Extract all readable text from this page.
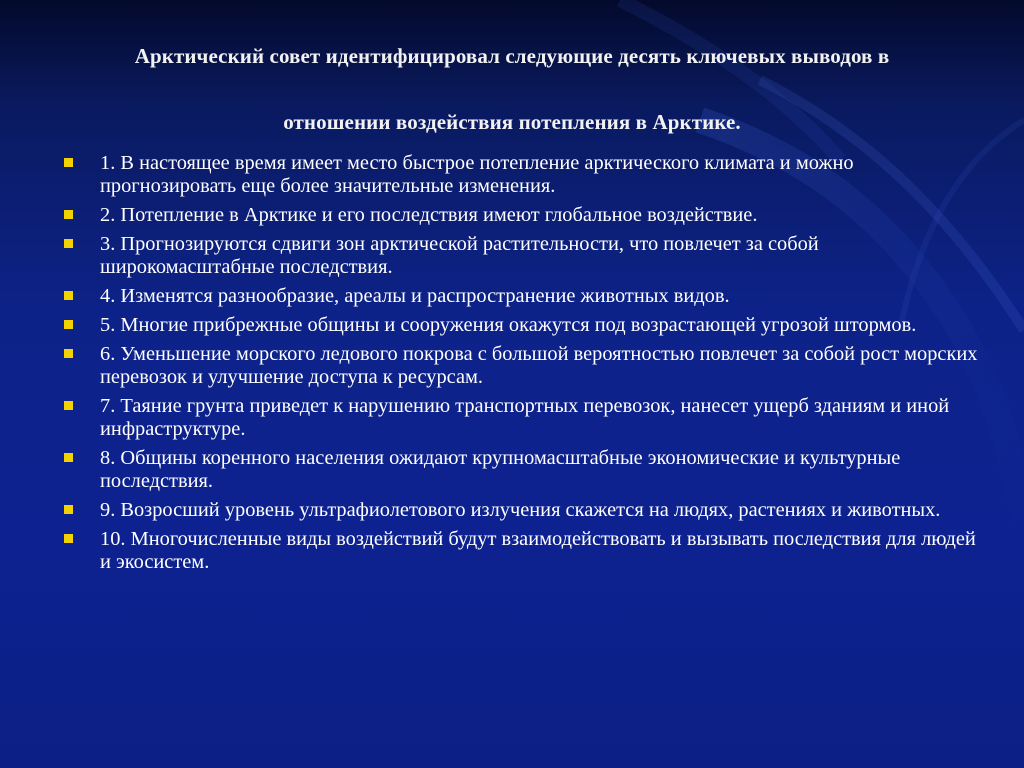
Арктический совет идентифицировал следующие десять ключевых выводов в
отношении воздействия потепления в Арктике.
1. В настоящее время имеет место быстрое потепление арктического климата и можно прогнозировать еще более значительные изменения.
2. Потепление в Арктике и его последствия имеют глобальное воздействие.
3. Прогнозируются сдвиги зон арктической растительности, что повлечет за собой широкомасштабные последствия.
4. Изменятся разнообразие, ареалы и распространение животных видов.
5. Многие прибрежные общины и сооружения окажутся под возрастающей угрозой штормов.
6. Уменьшение морского ледового покрова с большой вероятностью повлечет за собой рост морских перевозок и улучшение доступа к ресурсам.
7. Таяние грунта приведет к нарушению транспортных перевозок, нанесет ущерб зданиям и иной инфраструктуре.
8. Общины коренного населения ожидают крупномасштабные экономические и культурные последствия.
9. Возросший уровень ультрафиолетового излучения скажется на людях, растениях и животных.
10. Многочисленные виды воздействий будут взаимодействовать и вызывать последствия для людей и экосистем.
